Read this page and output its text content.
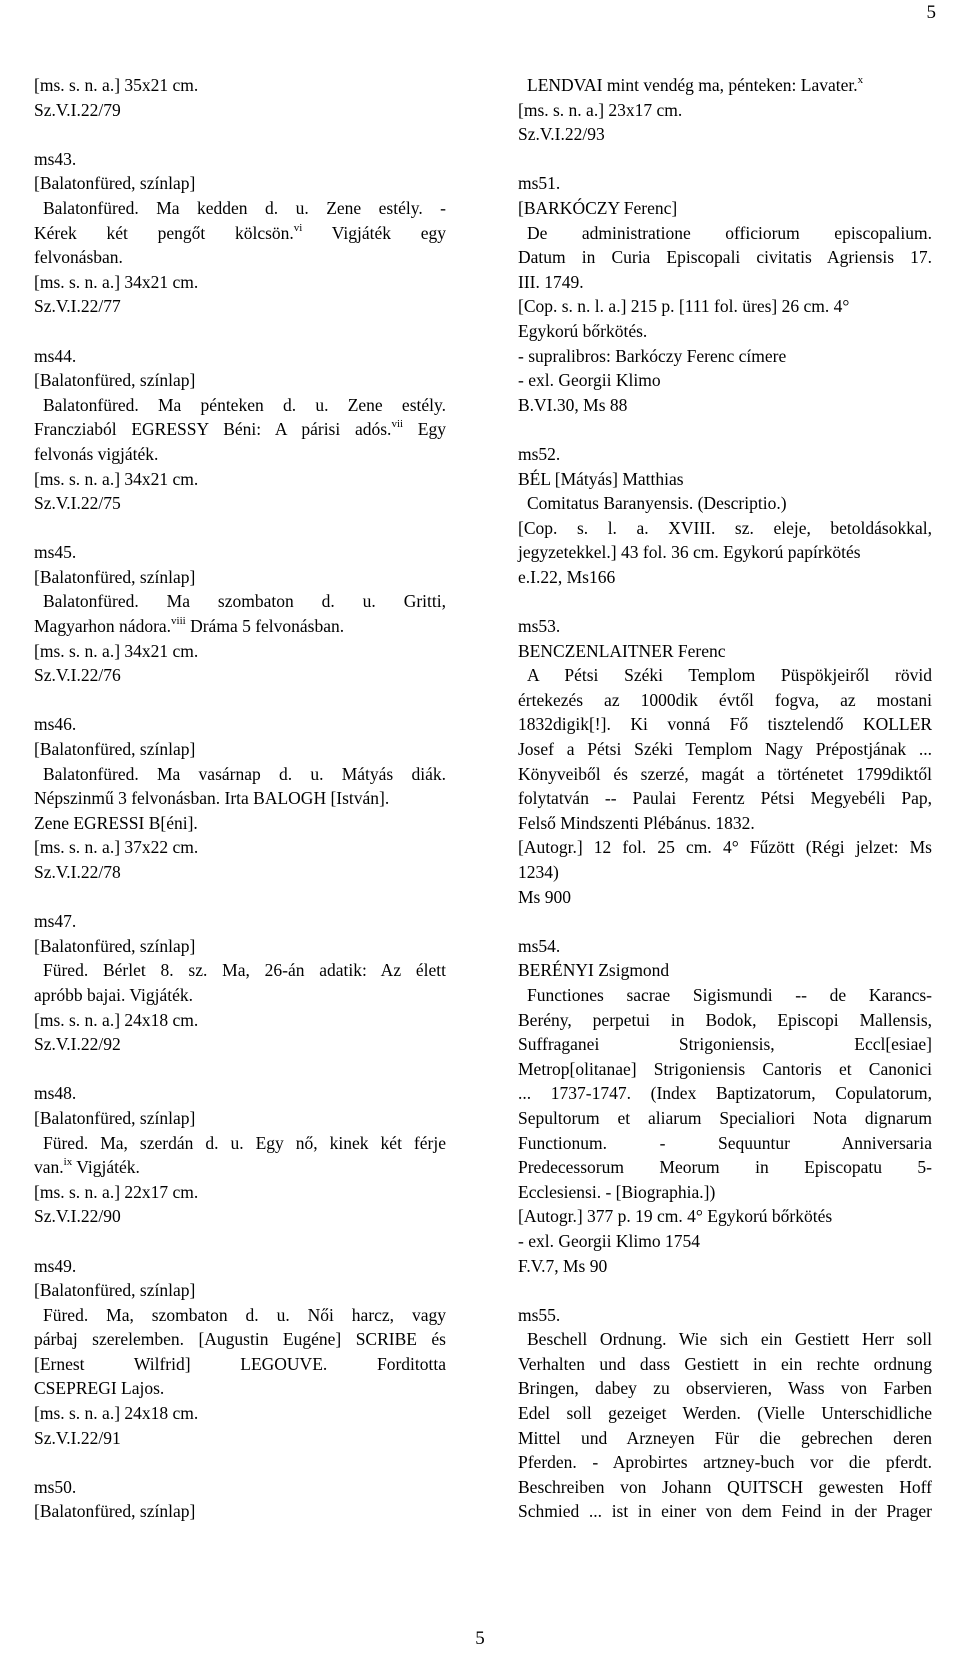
5
[ms. s. n. a.] 35x21 cm.
Sz.V.I.22/79
ms43.
[Balatonfüred, színlap]
Balatonfüred. Ma kedden d. u. Zene estély. -
Kérek két pengőt kölcsön.$^{vi}$ Vigjáték egy
felvonásban.
[ms. s. n. a.] 34x21 cm.
Sz.V.I.22/77
ms44.
[Balatonfüred, színlap]
Balatonfüred. Ma pénteken d. u. Zene estély.
Francziaból EGRESSY Béni: A párisi adós.$^{vii}$ Egy
felvonás vigjáték.
[ms. s. n. a.] 34x21 cm.
Sz.V.I.22/75
ms45.
[Balatonfüred, színlap]
Balatonfüred. Ma szombaton d. u. Gritti,
Magyarhon nádora.$^{viii}$ Dráma 5 felvonásban.
[ms. s. n. a.] 34x21 cm.
Sz.V.I.22/76
ms46.
[Balatonfüred, színlap]
Balatonfüred. Ma vasárnap d. u. Mátyás diák.
Népszinmű 3 felvonásban. Irta BALOGH [István].
Zene EGRESSI B[éni].
[ms. s. n. a.] 37x22 cm.
Sz.V.I.22/78
ms47.
[Balatonfüred, színlap]
Füred. Bérlet 8. sz. Ma, 26-án adatik: Az élett
apróbb bajai. Vigjáték.
[ms. s. n. a.] 24x18 cm.
Sz.V.I.22/92
ms48.
[Balatonfüred, színlap]
Füred. Ma, szerdán d. u. Egy nő, kinek két férje
van.$^{ix}$ Vigjáték.
[ms. s. n. a.] 22x17 cm.
Sz.V.I.22/90
ms49.
[Balatonfüred, színlap]
Füred. Ma, szombaton d. u. Női harcz, vagy
párbaj szerelemben. [Augustin Eugéne] SCRIBE és
[Ernest Wilfrid] LEGOUVE. Forditotta
CSEPREGI Lajos.
[ms. s. n. a.] 24x18 cm.
Sz.V.I.22/91
ms50.
[Balatonfüred, színlap]
LENDVAI mint vendég ma, pénteken: Lavater.$^x$
[ms. s. n. a.] 23x17 cm.
Sz.V.I.22/93
ms51.
[BARKÓCZY Ferenc]
De administratione officiorum episcopalium.
Datum in Curia Episcopali civitatis Agriensis 17.
III. 1749.
[Cop. s. n. l. a.] 215 p. [111 fol. üres] 26 cm. 4°
Egykorú bőrkötés.
- supralibros: Barkóczy Ferenc címere
- exl. Georgii Klimo
B.VI.30, Ms 88
ms52.
BÉL [Mátyás] Matthias
Comitatus Baranyensis. (Descriptio.)
[Cop. s. l. a. XVIII. sz. eleje, betoldásokkal,
jegyzetekkel.] 43 fol. 36 cm. Egykorú papírkötés
e.I.22, Ms166
ms53.
BENCZENLAITNER Ferenc
A Pétsi Széki Templom Püspökjeiről rövid
értekezés az 1000dik évtől fogva, az mostani
1832digik[!]. Ki vonná Fő tisztelendő KOLLER
Josef a Pétsi Széki Templom Nagy Prépostjának ...
Könyveiből és szerzé, magát a történetet 1799diktől
folytatván -- Paulai Ferentz Pétsi Megyebéli Pap,
Felső Mindszenti Plébánus. 1832.
[Autogr.] 12 fol. 25 cm. 4° Fűzött (Régi jelzet: Ms
1234)
Ms 900
ms54.
BERÉNYI Zsigmond
Functiones sacrae Sigismundi -- de Karancs-
Berény, perpetui in Bodok, Episcopi Mallensis,
Suffraganei Strigoniensis, Eccl[esiae]
Metrop[olitanae] Strigoniensis Cantoris et Canonici
... 1737-1747. (Index Baptizatorum, Copulatorum,
Sepultorum et aliarum Specialiori Nota dignarum
Functionum. - Sequuntur Anniversaria
Predecessorum Meorum in Episcopatu 5-
Ecclesiensi. - [Biographia.])
[Autogr.] 377 p. 19 cm. 4° Egykorú bőrkötés
- exl. Georgii Klimo 1754
F.V.7, Ms 90
ms55.
Beschell Ordnung. Wie sich ein Gestiett Herr soll
Verhalten und dass Gestiett in ein rechte ordnung
Bringen, dabey zu observieren, Wass von Farben
Edel soll gezeiget Werden. (Vielle Unterschidliche
Mittel und Arzneyen Für die gebrechen deren
Pferden. - Aprobirtes artzney-buch vor die pferdt.
Beschreiben von Johann QUITSCH gewesten Hoff
Schmied ... ist in einer von dem Feind in der Prager
5
